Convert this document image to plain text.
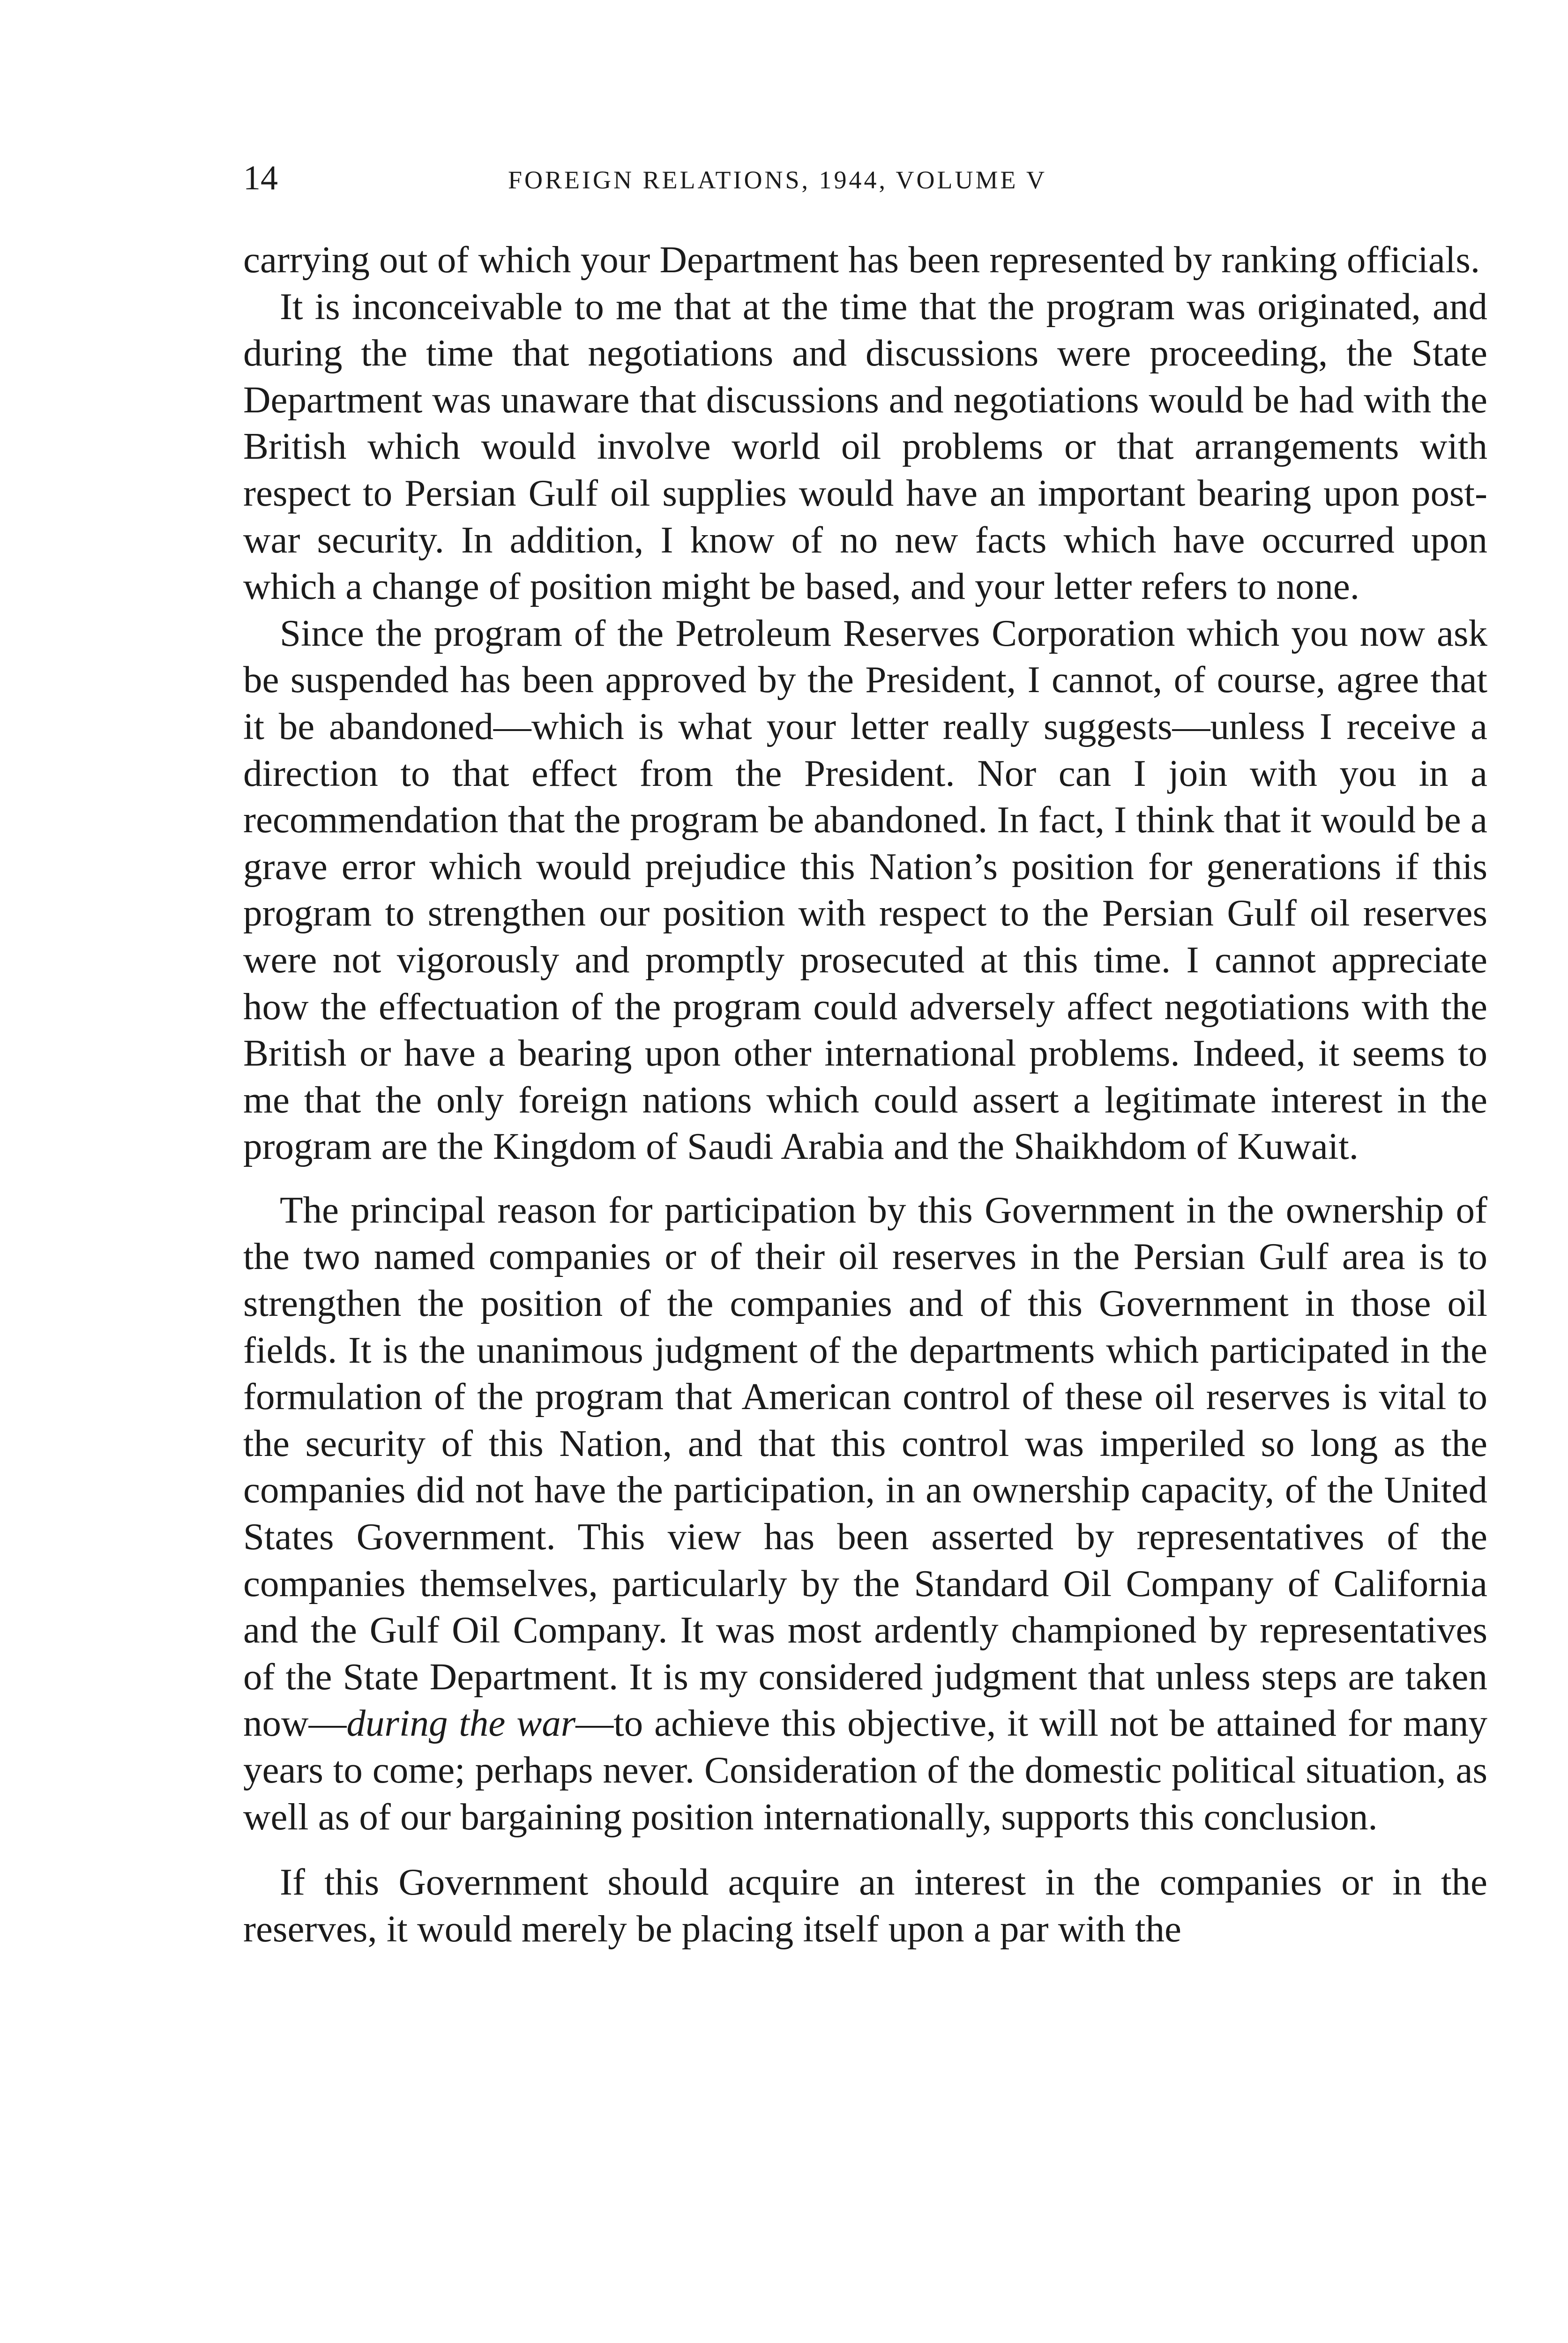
14	FOREIGN RELATIONS, 1944, VOLUME V

carrying out of which your Department has been represented by ranking officials.

It is inconceivable to me that at the time that the program was originated, and during the time that negotiations and discussions were proceeding, the State Department was unaware that discussions and negotiations would be had with the British which would involve world oil problems or that arrangements with respect to Persian Gulf oil supplies would have an important bearing upon post-war security. In addition, I know of no new facts which have occurred upon which a change of position might be based, and your letter refers to none.

Since the program of the Petroleum Reserves Corporation which you now ask be suspended has been approved by the President, I cannot, of course, agree that it be abandoned—which is what your letter really suggests—unless I receive a direction to that effect from the President. Nor can I join with you in a recommendation that the program be abandoned. In fact, I think that it would be a grave error which would prejudice this Nation’s position for generations if this program to strengthen our position with respect to the Persian Gulf oil reserves were not vigorously and promptly prosecuted at this time. I cannot appreciate how the effectuation of the program could adversely affect negotiations with the British or have a bearing upon other international problems. Indeed, it seems to me that the only foreign nations which could assert a legitimate interest in the program are the Kingdom of Saudi Arabia and the Shaikhdom of Kuwait.

The principal reason for participation by this Government in the ownership of the two named companies or of their oil reserves in the Persian Gulf area is to strengthen the position of the companies and of this Government in those oil fields. It is the unanimous judgment of the departments which participated in the formulation of the program that American control of these oil reserves is vital to the security of this Nation, and that this control was imperiled so long as the companies did not have the participation, in an ownership capacity, of the United States Government. This view has been asserted by representatives of the companies themselves, particularly by the Standard Oil Company of California and the Gulf Oil Company. It was most ardently championed by representatives of the State Department. It is my considered judgment that unless steps are taken now—during the war—to achieve this objective, it will not be attained for many years to come; perhaps never. Consideration of the domestic political situation, as well as of our bargaining position internationally, supports this conclusion.

If this Government should acquire an interest in the companies or in the reserves, it would merely be placing itself upon a par with the
